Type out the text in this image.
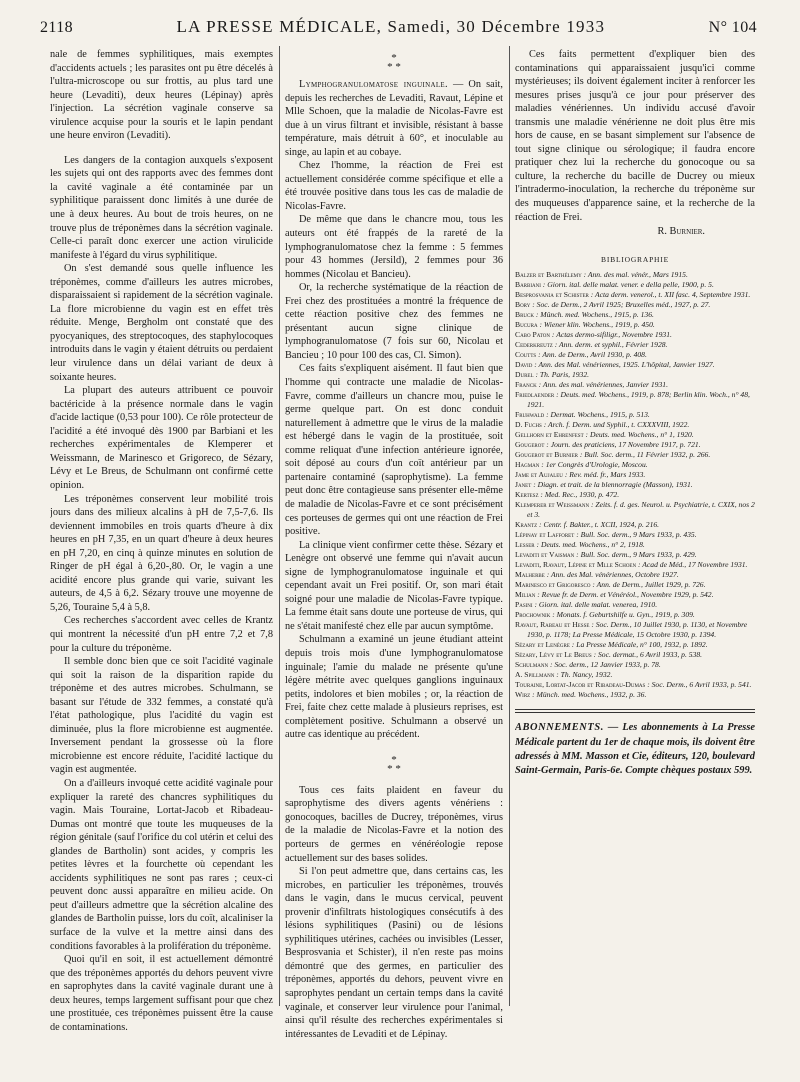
2118	LA PRESSE MÉDICALE, Samedi, 30 Décembre 1933	N° 104

nale de femmes syphilitiques, mais exemptes d'accidents actuels ; les parasites ont pu être décelés à l'ultra-microscope ou sur frottis, au plus tard une heure (Levaditi), deux heures (Lépinay) après l'injection. La sécrétion vaginale conserve sa virulence acquise pour la souris et le lapin pendant une heure environ (Levaditi).

Les dangers de la contagion auxquels s'exposent les sujets qui ont des rapports avec des femmes dont la cavité vaginale a été contaminée par un syphilitique paraissent donc limités à une durée de une à deux heures. Au bout de trois heures, on ne trouve plus de tréponèmes dans la sécrétion vaginale. Celle-ci paraît donc exercer une action virulicide manifeste à l'égard du virus syphilitique.

On s'est demandé sous quelle influence les tréponèmes, comme d'ailleurs les autres microbes, disparaissaient si rapidement de la sécrétion vaginale. La flore microbienne du vagin est en effet très réduite. Menge, Bergholm ont constaté que des pyocyaniques, des streptocoques, des staphylocoques introduits dans le vagin y étaient détruits ou perdaient leur virulence dans un délai variant de deux à soixante heures.

La plupart des auteurs attribuent ce pouvoir bactéricide à la présence normale dans le vagin d'acide lactique (0,53 pour 100). Ce rôle protecteur de l'acidité a été invoqué dès 1900 par Barbiani et les recherches expérimentales de Klemperer et Weissmann, de Marinesco et Grigoreco, de Sézary, Lévy et Le Breus, de Schulmann ont confirmé cette opinion.

Les tréponèmes conservent leur mobilité trois jours dans des milieux alcalins à pH de 7,5-7,6. Ils deviennent immobiles en trois quarts d'heure à dix heures en pH 7,35, en un quart d'heure à deux heures en pH 7,20, en cinq à quinze minutes en solution de Ringer de pH égal à 6,20-,80. Or, le vagin a une acidité encore plus grande qui varie, suivant les auteurs, de 4,5 à 6,2. Sézary trouve une moyenne de 5,26, Touraine 5,4 à 5,8.

Ces recherches s'accordent avec celles de Krantz qui montrent la nécessité d'un pH entre 7,2 et 7,8 pour la culture du tréponème.

Il semble donc bien que ce soit l'acidité vaginale qui soit la raison de la disparition rapide du tréponème et des autres microbes. Schulmann, se basant sur l'étude de 332 femmes, a constaté qu'à l'état pathologique, plus l'acidité du vagin est diminuée, plus la flore microbienne est augmentée. Inversement pendant la grossesse où la flore microbienne est encore réduite, l'acidité lactique du vagin est augmentée.

On a d'ailleurs invoqué cette acidité vaginale pour expliquer la rareté des chancres syphilitiques du vagin. Mais Touraine, Lortat-Jacob et Ribadeau-Dumas ont montré que toute les muqueuses de la région génitale (sauf l'orifice du col utérin et celui des glandes de Bartholin) sont acides, y compris les petites lèvres et la fourchette où cependant les accidents syphilitiques ne sont pas rares ; ceux-ci peuvent donc aussi apparaître en milieu acide. On peut d'ailleurs admettre que la sécrétion alcaline des glandes de Bartholin puisse, lors du coït, alcaliniser la surface de la vulve et la mettre ainsi dans des conditions favorables à la prolifération du tréponème.

Quoi qu'il en soit, il est actuellement démontré que des tréponèmes apportés du dehors peuvent vivre en saprophytes dans la cavité vaginale durant une à deux heures, temps largement suffisant pour que chez une prostituée, ces tréponèmes puissent être la cause de contaminations.

*
* *

Lymphogranulomatose inguinale. — On sait, depuis les recherches de Levaditi, Ravaut, Lépine et Mlle Schoen, que la maladie de Nicolas-Favre est due à un virus filtrant et invisible, résistant à basse température, mais détruit à 60°, et inoculable au singe, au lapin et au cobaye.

Chez l'homme, la réaction de Frei est actuellement considérée comme spécifique et elle a été trouvée positive dans tous les cas de maladie de Nicolas-Favre.

De même que dans le chancre mou, tous les auteurs ont été frappés de la rareté de la lymphogranulomatose chez la femme : 5 femmes pour 43 hommes (Jersild), 2 femmes pour 36 hommes (Nicolau et Bancieu).

Or, la recherche systématique de la réaction de Frei chez des prostituées a montré la fréquence de cette réaction positive chez des femmes ne présentant aucun signe clinique de lymphogranulomatose (7 fois sur 60, Nicolau et Bancieu ; 10 pour 100 des cas, Cl. Simon).

Ces faits s'expliquent aisément. Il faut bien que l'homme qui contracte une maladie de Nicolas-Favre, comme d'ailleurs un chancre mou, puise le germe quelque part. On est donc conduit naturellement à admettre que le virus de la maladie est hébergé dans le vagin de la prostituée, soit comme reliquat d'une infection antérieure ignorée, soit déposé au cours d'un coït antérieur par un partenaire contaminé (saprophytisme). La femme peut donc être contagieuse sans présenter elle-même de maladie de Nicolas-Favre et ce sont précisément ces porteuses de germes qui ont une réaction de Frei positive.

La clinique vient confirmer cette thèse. Sézary et Lenègre ont observé une femme qui n'avait aucun signe de lymphogranulomatose inguinale et qui cependant avait un Frei positif. Or, son mari était soigné pour une maladie de Nicolas-Favre typique. La femme était sans doute une porteuse de virus, qui ne s'était manifesté chez elle par aucun symptôme.

Schulmann a examiné un jeune étudiant atteint depuis trois mois d'une lymphogranulomatose inguinale; l'amie du malade ne présente qu'une légère métrite avec quelques ganglions inguinaux petits, indolores et bien mobiles ; or, la réaction de Frei, faite chez cette malade à plusieurs reprises, est complètement positive. Schulmann a observé un autre cas identique au précédent.

*
* *

Tous ces faits plaident en faveur du saprophytisme des divers agents vénériens : gonocoques, bacilles de Ducrey, tréponèmes, virus de la maladie de Nicolas-Favre et la notion des porteurs de germes en vénéréologie repose actuellement sur des bases solides.

Si l'on peut admettre que, dans certains cas, les microbes, en particulier les tréponèmes, trouvés dans le vagin, dans le mucus cervical, peuvent provenir d'infiltrats histologiques consécutifs à des lésions syphilitiques (Pasini) ou de lésions syphilitiques utérines, cachées ou invisibles (Lesser, Besprosvania et Schister), il n'en reste pas moins démontré que des germes, en particulier des tréponèmes, apportés du dehors, peuvent vivre en saprophytes pendant un certain temps dans la cavité vaginale, et conserver leur virulence pour l'animal, ainsi qu'il résulte des recherches expérimentales si intéressantes de Levaditi et de Lépinay.

Ces faits permettent d'expliquer bien des contaminations qui apparaissaient jusqu'ici comme mystérieuses; ils doivent également inciter à renforcer les mesures prises jusqu'à ce jour pour préserver des maladies vénériennes. Un individu accusé d'avoir transmis une maladie vénérienne ne doit plus être mis hors de cause, en se basant simplement sur l'absence de tout signe clinique ou sérologique; il faudra encore pratiquer chez lui la recherche du gonocoque ou sa culture, la recherche du bacille de Ducrey ou mieux l'intradermo-inoculation, la recherche du tréponème sur des muqueuses d'apparence saine, et la recherche de la réaction de Frei.

R. Burnier.
BIBLIOGRAPHIE
Balzer et Barthélemy : Ann. des mal. vénér., Mars 1915.
Barbiani : Giorn. ital. delle malat. vener. e della pelle, 1900, p. 5.
Besprosvania et Schister : Acta derm. venerol., t. XII fasc. 4, Septembre 1931.
Bory : Soc. de Derm., 2 Avril 1925; Bruxelles méd., 1927, p. 27.
Bruck : Münch. med. Wochens., 1915, p. 136.
Bucura : Wiener klin. Wochens., 1919, p. 450.
Cabo Paton : Actas dermo-sifiligr., Novembre 1931.
Cederkreutz : Ann. derm. et syphil., Février 1928.
Coutts : Ann. de Derm., Avril 1930, p. 408.
David : Ann. des Mal. vénériennes, 1925. L'hôpital, Janvier 1927.
Durel : Th. Paris, 1932.
Franck : Ann. des mal. vénériennes, Janvier 1931.
Friedlaender : Deuts. med. Wochens., 1919, p. 878; Berlin klin. Woch., n° 48, 1921.
Fruhwald : Dermat. Wochens., 1915, p. 513.
D. Fuchs : Arch. f. Derm. und Syphil., t. CXXXVIII, 1922.
Gellhorn et Ehrenfest : Deuts. med. Wochens., n° 1, 1920.
Gougerot : Journ. des praticiens, 17 Novembre 1917, p. 721.
Gougerot et Burnier : Bull. Soc. derm., 11 Février 1932, p. 266.
Hagman : 1er Congrès d'Urologie, Moscou.
Jame et Aujaleu : Rev. méd. fr., Mars 1933.
Janet : Diagn. et trait. de la blennorragie (Masson), 1931.
Kertesz : Med. Rec., 1930, p. 472.
Klemperer et Weissmann : Zeits. f. d. ges. Neurol. u. Psychiatrie, t. CXIX, nos 2 et 3.
Krantz : Centr. f. Bakter., t. XCII, 1924, p. 216.
Lépinay et Lafforet : Bull. Soc. derm., 9 Mars 1933, p. 435.
Lesser : Deuts. med. Wochens., n° 2, 1918.
Levaditi et Vaisman : Bull. Soc. derm., 9 Mars 1933, p. 429.
Levaditi, Ravaut, Lépine et Mlle Schoen : Acad de Méd., 17 Novembre 1931.
Malherbe : Ann. des Mal. vénériennes, Octobre 1927.
Marinesco et Grigoresco : Ann. de Derm., Juillet 1929, p. 726.
Milian : Revue fr. de Derm. et Vénéréol., Novembre 1929, p. 542.
Pasini : Giorn. ital. delle malat. venerea, 1910.
Prochownik : Monats. f. Geburtshilfe u. Gyn., 1919, p. 309.
Ravaut, Rabeau et Hesse : Soc. Derm., 10 Juillet 1930, p. 1130, et Novembre 1930, p. 1178; La Presse Médicale, 15 Octobre 1930, p. 1394.
Sézary et Lenègre : La Presse Médicale, n° 100, 1932, p. 1892.
Sézary, Lévy et Le Breus : Soc. dermat., 6 Avril 1933, p. 538.
Schulmann : Soc. derm., 12 Janvier 1933, p. 78.
A. Spillmann : Th. Nancy, 1932.
Touraine, Lortat-Jacob et Ribadeau-Dumas : Soc. Derm., 6 Avril 1933, p. 541.
Wirz : Münch. med. Wochens., 1932, p. 36.
ABONNEMENTS. — Les abonnements à La Presse Médicale partent du 1er de chaque mois, ils doivent être adressés à MM. Masson et Cie, éditeurs, 120, boulevard Saint-Germain, Paris-6e. Compte chèques postaux 599.
